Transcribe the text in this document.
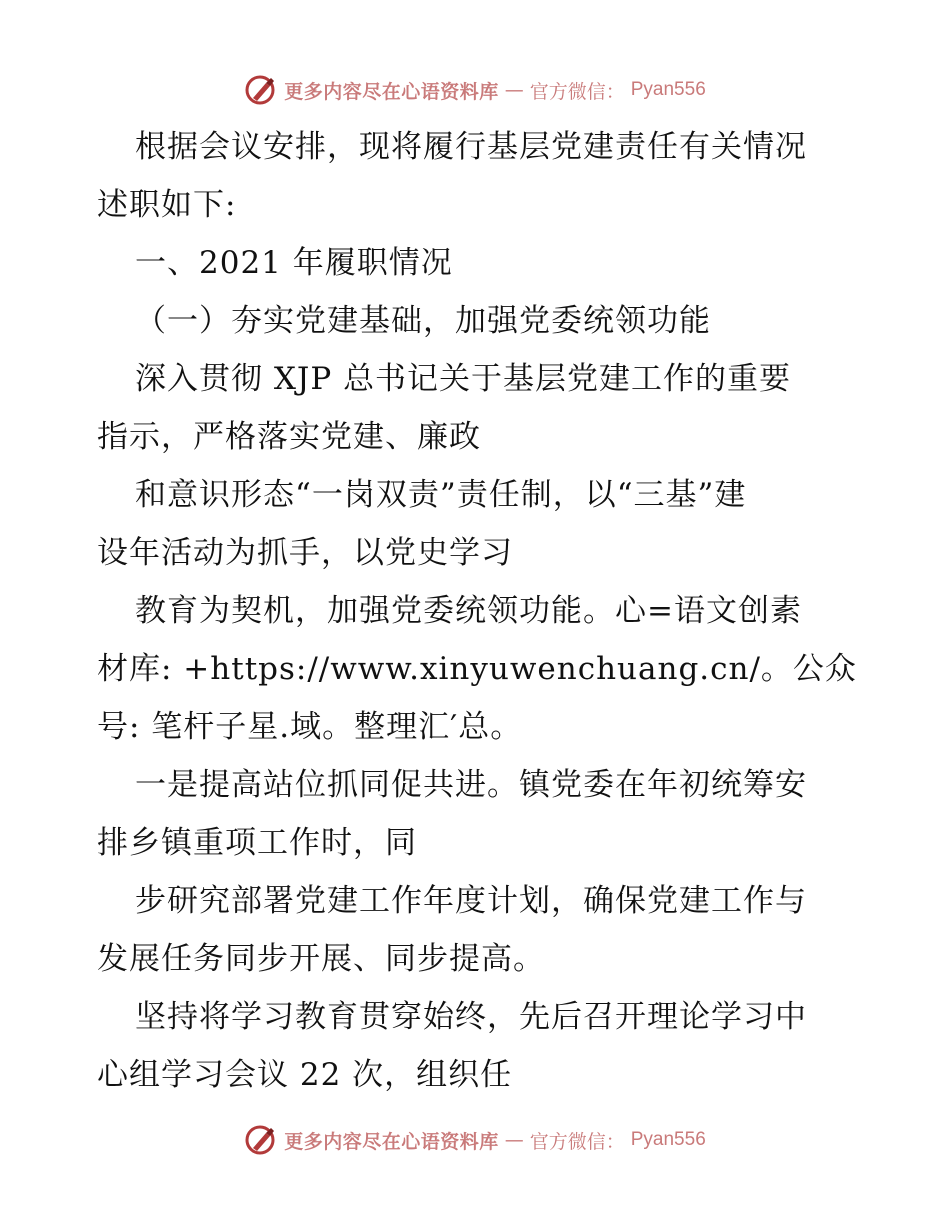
更多内容尽在心语资料库 — 官方微信： Pyan556
根据会议安排，现将履行基层党建责任有关情况
述职如下:
一、2021 年履职情况
（一）夯实党建基础，加强党委统领功能
深入贯彻 XJP 总书记关于基层党建工作的重要
指示，严格落实党建、廉政
和意识形态“一岗双责”责任制，以“三基”建
设年活动为抓手，以党史学习
教育为契机，加强党委统领功能。心=语文创素
材库: +https://www.xinyuwenchuang.cn/。公众
号: 笔杆子星.域。整理汇′总。
一是提高站位抓同促共进。镇党委在年初统筹安
排乡镇重项工作时，同
步研究部署党建工作年度计划，确保党建工作与
发展任务同步开展、同步提高。
坚持将学习教育贯穿始终，先后召开理论学习中
心组学习会议 22 次，组织任
更多内容尽在心语资料库 — 官方微信： Pyan556
